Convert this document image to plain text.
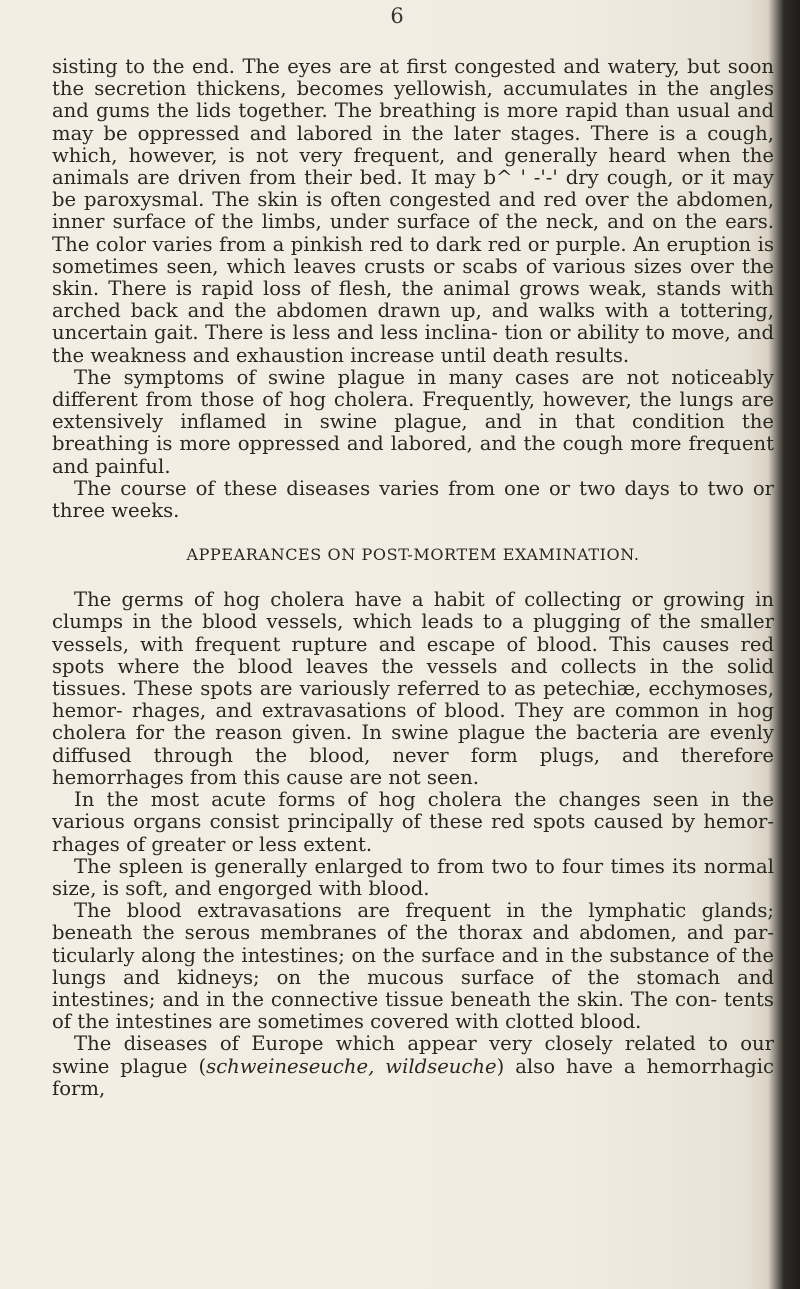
6

sisting to the end. The eyes are at first congested and watery, but soon the secretion thickens, becomes yellowish, accumulates in the angles and gums the lids together. The breathing is more rapid than usual and may be oppressed and labored in the later stages. There is a cough, which, however, is not very frequent, and generally heard when the animals are driven from their bed. It may b^ ' -'-' dry cough, or it may be paroxysmal. The skin is often congested and red over the abdomen, inner surface of the limbs, under surface of the neck, and on the ears. The color varies from a pinkish red to dark red or purple. An eruption is sometimes seen, which leaves crusts or scabs of various sizes over the skin. There is rapid loss of flesh, the animal grows weak, stands with arched back and the abdomen drawn up, and walks with a tottering, uncertain gait. There is less and less inclina- tion or ability to move, and the weakness and exhaustion increase until death results.

The symptoms of swine plague in many cases are not noticeably different from those of hog cholera. Frequently, however, the lungs are extensively inflamed in swine plague, and in that condition the breathing is more oppressed and labored, and the cough more frequent and painful.

The course of these diseases varies from one or two days to two or three weeks.

APPEARANCES ON POST-MORTEM EXAMINATION.

The germs of hog cholera have a habit of collecting or growing in clumps in the blood vessels, which leads to a plugging of the smaller vessels, with frequent rupture and escape of blood. This causes red spots where the blood leaves the vessels and collects in the solid tissues. These spots are variously referred to as petechiæ, ecchymoses, hemor- rhages, and extravasations of blood. They are common in hog cholera for the reason given. In swine plague the bacteria are evenly diffused through the blood, never form plugs, and therefore hemorrhages from this cause are not seen.

In the most acute forms of hog cholera the changes seen in the various organs consist principally of these red spots caused by hemor- rhages of greater or less extent.

The spleen is generally enlarged to from two to four times its normal size, is soft, and engorged with blood.

The blood extravasations are frequent in the lymphatic glands; beneath the serous membranes of the thorax and abdomen, and par- ticularly along the intestines; on the surface and in the substance of the lungs and kidneys; on the mucous surface of the stomach and intestines; and in the connective tissue beneath the skin. The con- tents of the intestines are sometimes covered with clotted blood.

The diseases of Europe which appear very closely related to our swine plague (schweineseuche, wildseuche) also have a hemorrhagic form,
